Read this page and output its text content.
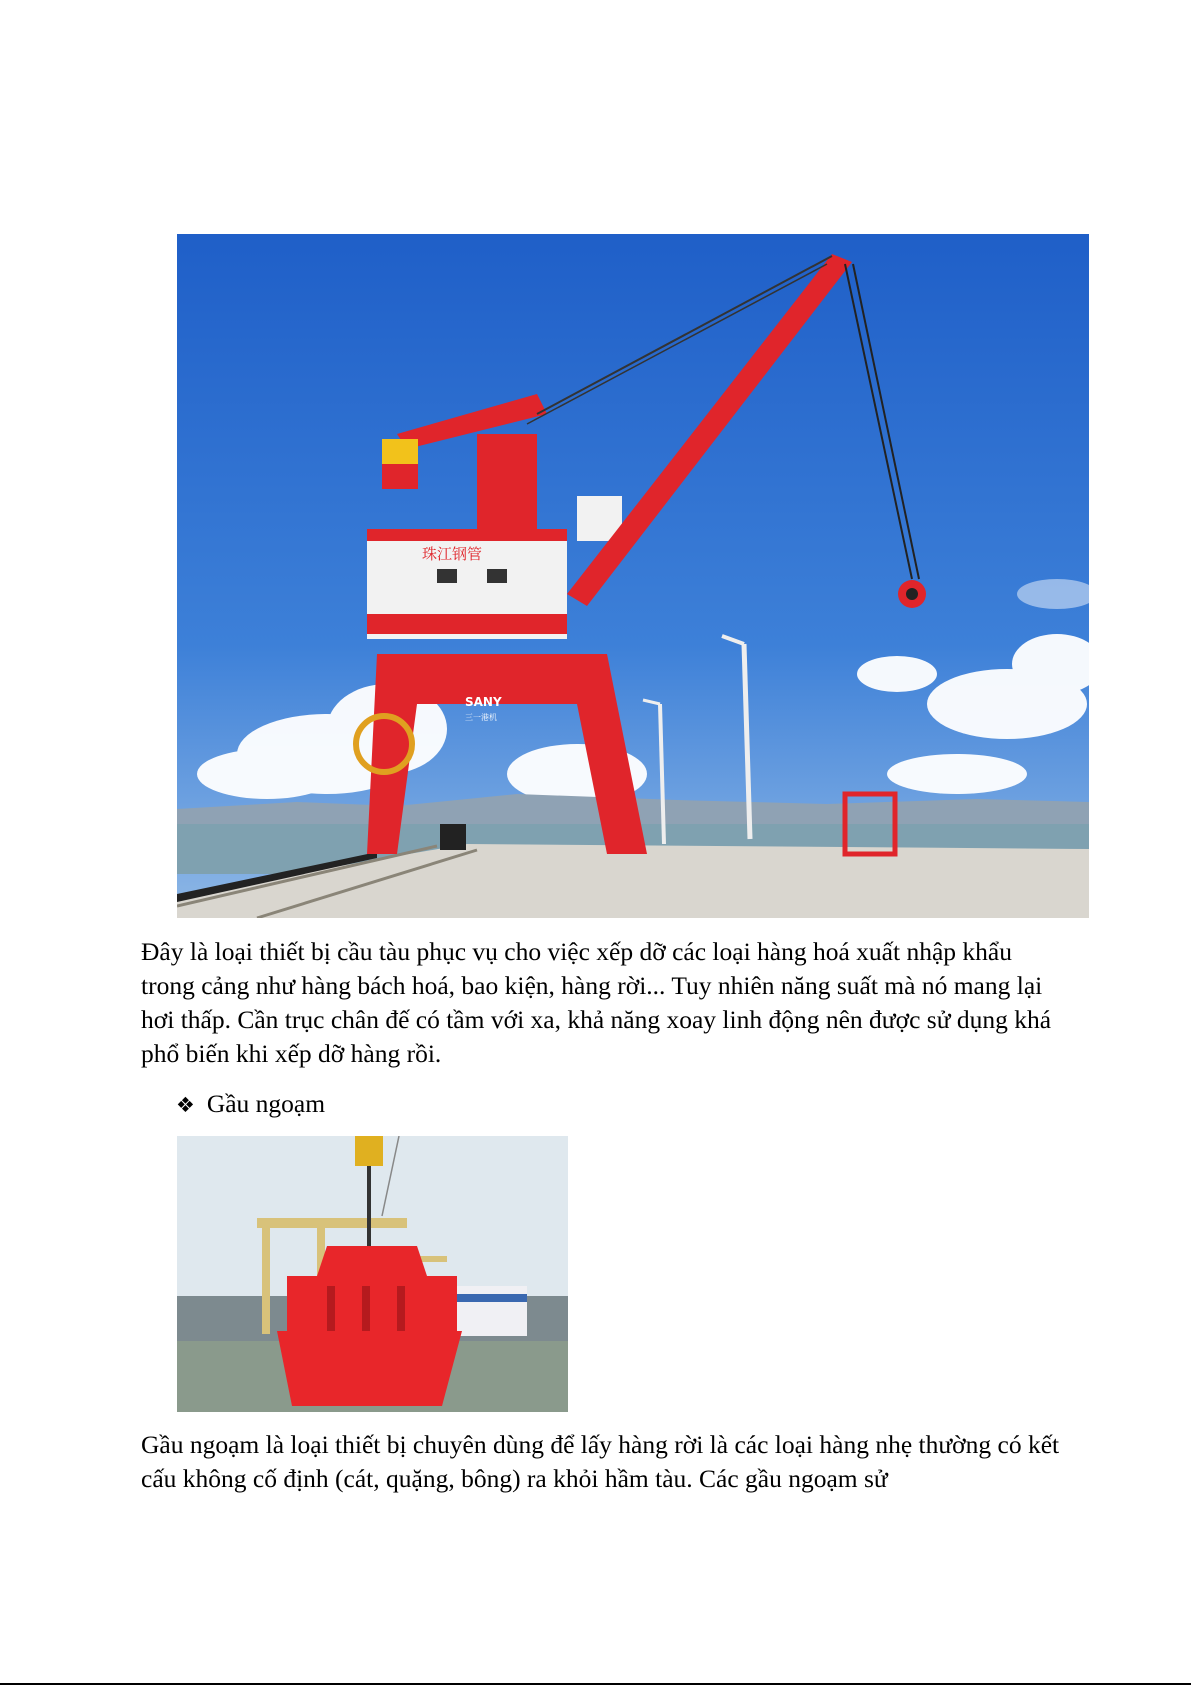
珠江钢管
SANY
三一港机

Đây là loại thiết bị cầu tàu phục vụ cho việc xếp dỡ các loại hàng hoá xuất nhập khẩu trong cảng như hàng bách hoá, bao kiện, hàng rời... Tuy nhiên năng suất mà nó mang lại hơi thấp. Cần trục chân đế có tầm với xa, khả năng xoay linh động nên được sử dụng khá phổ biến khi xếp dỡ hàng rồi.

❖ Gầu ngoạm

Gầu ngoạm là loại thiết bị chuyên dùng để lấy hàng rời là các loại hàng nhẹ thường có kết cấu không cố định (cát, quặng, bông) ra khỏi hầm tàu. Các gầu ngoạm sử
